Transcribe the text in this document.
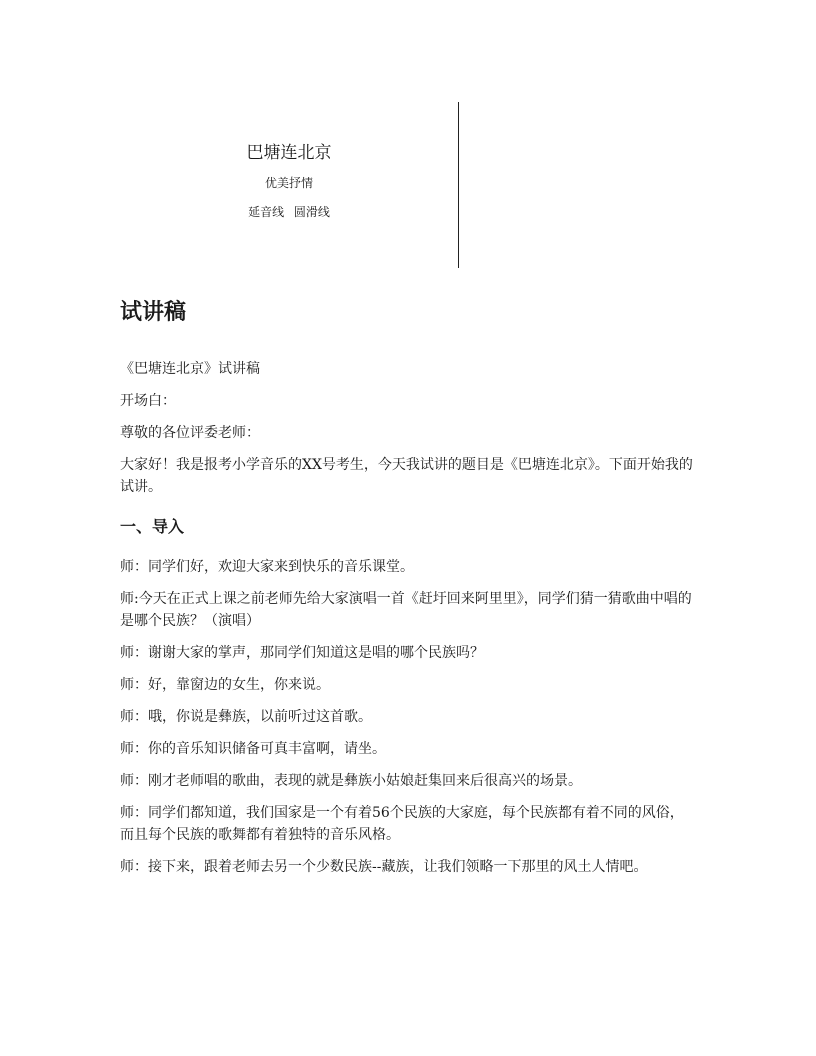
巴塘连北京
优美抒情
延音线 圆滑线
试讲稿

《巴塘连北京》试讲稿

开场白：

尊敬的各位评委老师：

大家好！我是报考小学音乐的XX号考生，今天我试讲的题目是《巴塘连北京》。下面开始我的试讲。

一、导入

师：同学们好，欢迎大家来到快乐的音乐课堂。

师:今天在正式上课之前老师先给大家演唱一首《赶圩回来阿里里》，同学们猜一猜歌曲中唱的是哪个民族？（演唱）

师：谢谢大家的掌声，那同学们知道这是唱的哪个民族吗？

师：好，靠窗边的女生，你来说。

师：哦，你说是彝族，以前听过这首歌。

师：你的音乐知识储备可真丰富啊，请坐。

师：刚才老师唱的歌曲，表现的就是彝族小姑娘赶集回来后很高兴的场景。

师：同学们都知道，我们国家是一个有着56个民族的大家庭，每个民族都有着不同的风俗，而且每个民族的歌舞都有着独特的音乐风格。

师：接下来，跟着老师去另一个少数民族--藏族，让我们领略一下那里的风土人情吧。
